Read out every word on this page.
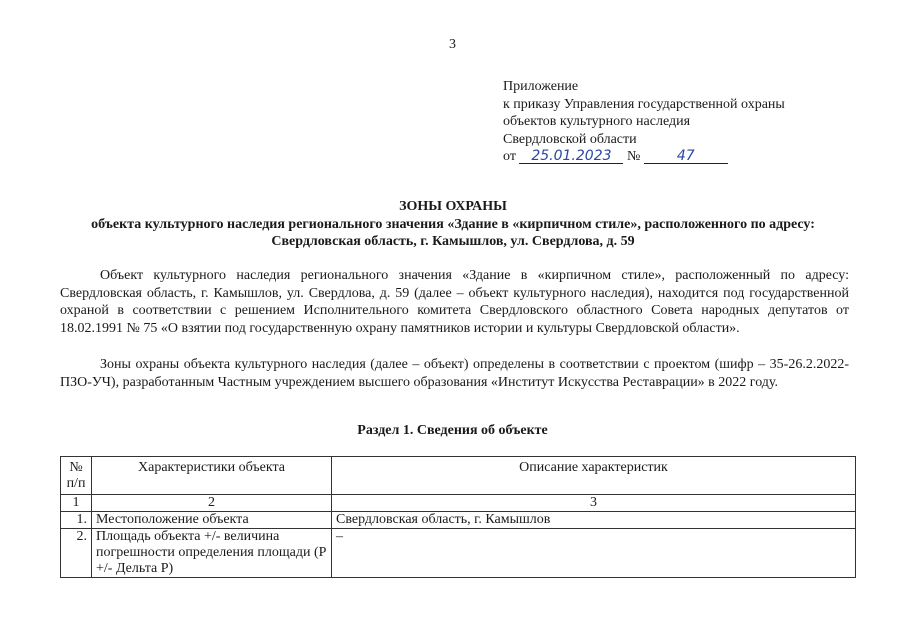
3
Приложение
к приказу Управления государственной охраны
объектов культурного наследия
Свердловской области
от 25.01.2023 №	47
ЗОНЫ ОХРАНЫ
объекта культурного наследия регионального значения «Здание в «кирпичном стиле», расположенного по адресу:
Свердловская область, г. Камышлов, ул. Свердлова, д. 59

Объект культурного наследия регионального значения «Здание в «кирпичном стиле», расположенный по адресу: Свердловская область, г. Камышлов, ул. Свердлова, д. 59 (далее – объект культурного наследия), находится под государственной охраной в соответствии с решением Исполнительного комитета Свердловского областного Совета народных депутатов от 18.02.1991 № 75 «О взятии под государственную охрану памятников истории и культуры Свердловской области».

Зоны охраны объекта культурного наследия (далее – объект) определены в соответствии с проектом (шифр – 35-26.2.2022-ПЗО-УЧ), разработанным Частным учреждением высшего образования «Институт Искусства Реставрации» в 2022 году.

Раздел 1. Сведения об объекте
№ п/п	Характеристики объекта	Описание характеристик
1	2	3
1.	Местоположение объекта	Свердловская область, г. Камышлов
2.	Площадь объекта +/- величина погрешности определения площади (P +/- Дельта P)	–
